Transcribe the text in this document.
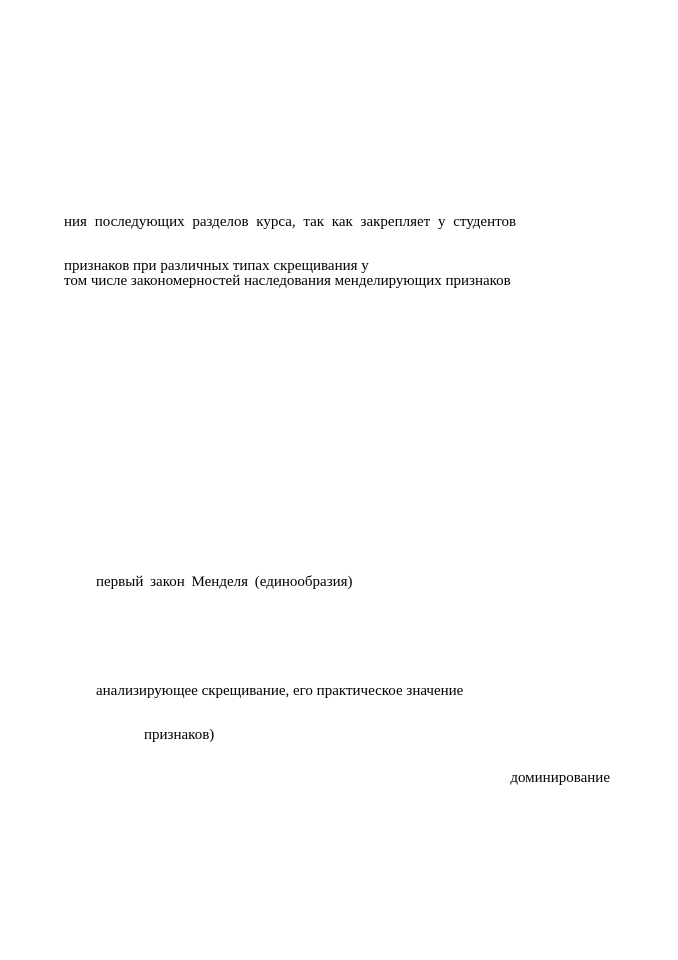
ния последующих разделов курса, так как закрепляет у студентов
признаков при различных типах скрещивания у
том числе закономерностей наследования менделирующих признаков
первый закон Менделя (единообразия)
анализирующее скрещивание, его практическое значение
признаков)
доминирование
